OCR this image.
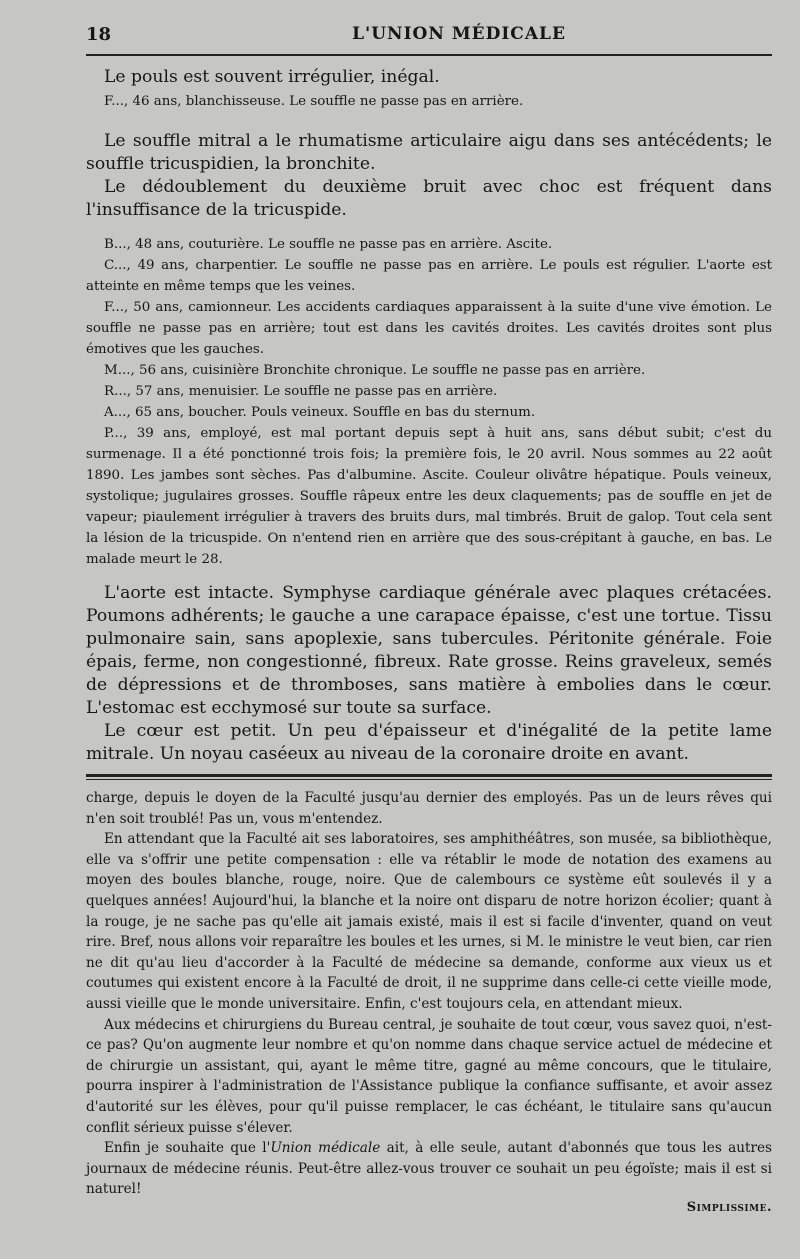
18	L'UNION MÉDICALE

Le pouls est souvent irrégulier, inégal.

F..., 46 ans, blanchisseuse. Le souffle ne passe pas en arrière.

Le souffle mitral a le rhumatisme articulaire aigu dans ses antécédents; le souffle tricuspidien, la bronchite.

Le dédoublement du deuxième bruit avec choc est fréquent dans l'insuffisance de la tricuspide.

B..., 48 ans, couturière. Le souffle ne passe pas en arrière. Ascite.

C..., 49 ans, charpentier. Le souffle ne passe pas en arrière. Le pouls est régulier. L'aorte est atteinte en même temps que les veines.

F..., 50 ans, camionneur. Les accidents cardiaques apparaissent à la suite d'une vive émotion. Le souffle ne passe pas en arrière; tout est dans les cavités droites. Les cavités droites sont plus émotives que les gauches.

M..., 56 ans, cuisinière Bronchite chronique. Le souffle ne passe pas en arrière.

R..., 57 ans, menuisier. Le souffle ne passe pas en arrière.

A..., 65 ans, boucher. Pouls veineux. Souffle en bas du sternum.

P..., 39 ans, employé, est mal portant depuis sept à huit ans, sans début subit; c'est du surmenage. Il a été ponctionné trois fois; la première fois, le 20 avril. Nous sommes au 22 août 1890. Les jambes sont sèches. Pas d'albumine. Ascite. Couleur olivâtre hépatique. Pouls veineux, systolique; jugulaires grosses. Souffle râpeux entre les deux claquements; pas de souffle en jet de vapeur; piaulement irrégulier à travers des bruits durs, mal timbrés. Bruit de galop. Tout cela sent la lésion de la tricuspide. On n'entend rien en arrière que des sous-crépitant à gauche, en bas. Le malade meurt le 28.

L'aorte est intacte. Symphyse cardiaque générale avec plaques crétacées. Poumons adhérents; le gauche a une carapace épaisse, c'est une tortue. Tissu pulmonaire sain, sans apoplexie, sans tubercules. Péritonite générale. Foie épais, ferme, non congestionné, fibreux. Rate grosse. Reins graveleux, semés de dépressions et de thromboses, sans matière à embolies dans le cœur. L'estomac est ecchymosé sur toute sa surface.

Le cœur est petit. Un peu d'épaisseur et d'inégalité de la petite lame mitrale. Un noyau caséeux au niveau de la coronaire droite en avant.

charge, depuis le doyen de la Faculté jusqu'au dernier des employés. Pas un de leurs rêves qui n'en soit troublé! Pas un, vous m'entendez.

En attendant que la Faculté ait ses laboratoires, ses amphithéâtres, son musée, sa bibliothèque, elle va s'offrir une petite compensation : elle va rétablir le mode de notation des examens au moyen des boules blanche, rouge, noire. Que de calembours ce système eût soulevés il y a quelques années! Aujourd'hui, la blanche et la noire ont disparu de notre horizon écolier; quant à la rouge, je ne sache pas qu'elle ait jamais existé, mais il est si facile d'inventer, quand on veut rire. Bref, nous allons voir reparaître les boules et les urnes, si M. le ministre le veut bien, car rien ne dit qu'au lieu d'accorder à la Faculté de médecine sa demande, conforme aux vieux us et coutumes qui existent encore à la Faculté de droit, il ne supprime dans celle-ci cette vieille mode, aussi vieille que le monde universitaire. Enfin, c'est toujours cela, en attendant mieux.

Aux médecins et chirurgiens du Bureau central, je souhaite de tout cœur, vous savez quoi, n'est-ce pas? Qu'on augmente leur nombre et qu'on nomme dans chaque service actuel de médecine et de chirurgie un assistant, qui, ayant le même titre, gagné au même concours, que le titulaire, pourra inspirer à l'administration de l'Assistance publique la confiance suffisante, et avoir assez d'autorité sur les élèves, pour qu'il puisse remplacer, le cas échéant, le titulaire sans qu'aucun conflit sérieux puisse s'élever.

Enfin je souhaite que l'Union médicale ait, à elle seule, autant d'abonnés que tous les autres journaux de médecine réunis. Peut-être allez-vous trouver ce souhait un peu égoïste; mais il est si naturel!

Simplissime.
